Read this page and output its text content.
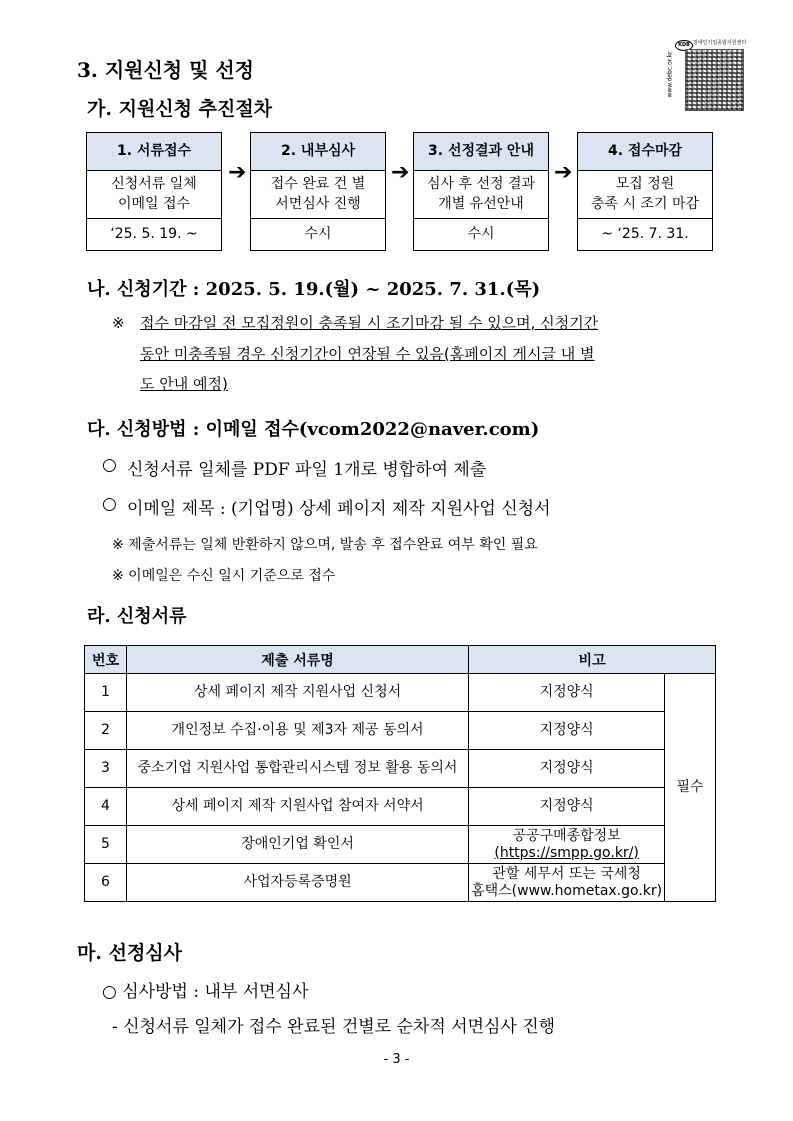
3. 지원신청 및 선정	www.debc.or.kr
KDB 장애인기업종합지원센터
가. 지원신청 추진절차
1. 서류접수
신청서류 일체
이메일 접수
‘25. 5. 19. ~
➔
2. 내부심사
접수 완료 건 별
서면심사 진행
수시
➔
3. 선정결과 안내
심사 후 선정 결과
개별 유선안내
수시
➔
4. 접수마감
모집 정원
충족 시 조기 마감
~ ‘25. 7. 31.
나. 신청기간 : 2025. 5. 19.(월) ~ 2025. 7. 31.(목)
※ 접수 마감일 전 모집정원이 충족될 시 조기마감 될 수 있으며, 신청기간
동안 미충족될 경우 신청기간이 연장될 수 있음(홈페이지 게시글 내 별
도 안내 예정)
다. 신청방법 : 이메일 접수(vcom2022@naver.com)
○ 신청서류 일체를 PDF 파일 1개로 병합하여 제출
○ 이메일 제목 : (기업명) 상세 페이지 제작 지원사업 신청서
※ 제출서류는 일체 반환하지 않으며, 발송 후 접수완료 여부 확인 필요
※ 이메일은 수신 일시 기준으로 접수
라. 신청서류
번호	제출 서류명	비고	
1	상세 페이지 제작 지원사업 신청서	지정양식	필수
2	개인정보 수집·이용 및 제3자 제공 동의서	지정양식	
3	중소기업 지원사업 통합관리시스템 정보 활용 동의서	지정양식	
4	상세 페이지 제작 지원사업 참여자 서약서	지정양식	
5	장애인기업 확인서	공공구매종합정보
(https://smpp.go.kr/)	

6	사업자등록증명원	관할 세무서 또는 국세청
홈택스(www.hometax.go.kr)	
마. 선정심사
○ 심사방법 : 내부 서면심사
- 신청서류 일체가 접수 완료된 건별로 순차적 서면심사 진행
- 3 -
